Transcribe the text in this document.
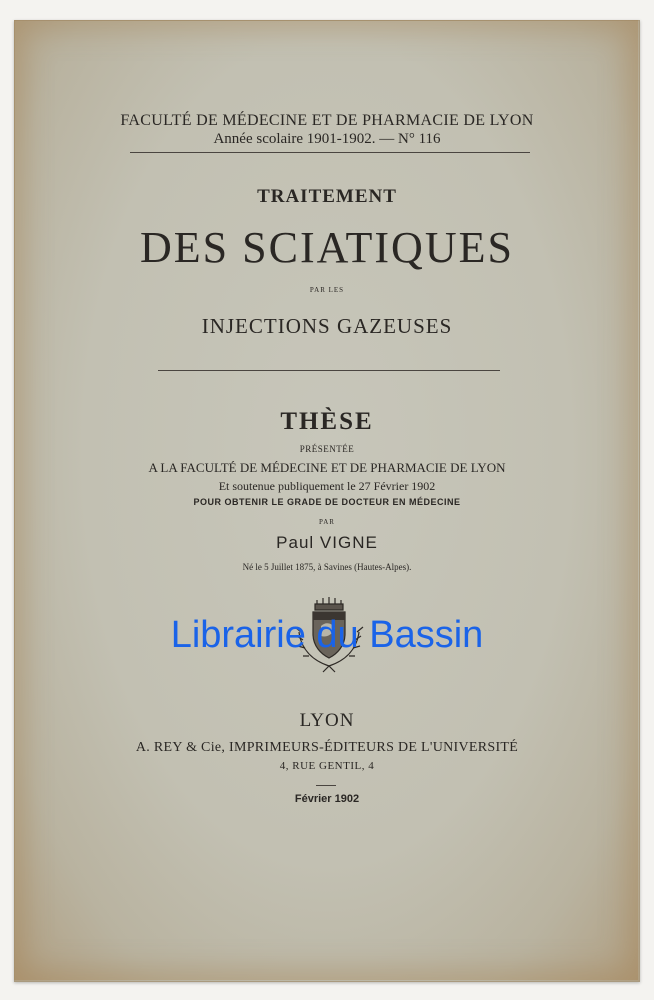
FACULTÉ DE MÉDECINE ET DE PHARMACIE DE LYON
Année scolaire 1901-1902. — N° 116
TRAITEMENT
DES SCIATIQUES
PAR LES
INJECTIONS GAZEUSES
THÈSE
PRÉSENTÉE
A LA FACULTÉ DE MÉDECINE ET DE PHARMACIE DE LYON
Et soutenue publiquement le 27 Février 1902
POUR OBTENIR LE GRADE DE DOCTEUR EN MÉDECINE
PAR
Paul VIGNE
Né le 5 Juillet 1875, à Savines (Hautes-Alpes).
Librairie du Bassin
LYON
A. REY & Cie, IMPRIMEURS-ÉDITEURS DE L'UNIVERSITÉ
4, RUE GENTIL, 4
Février 1902
